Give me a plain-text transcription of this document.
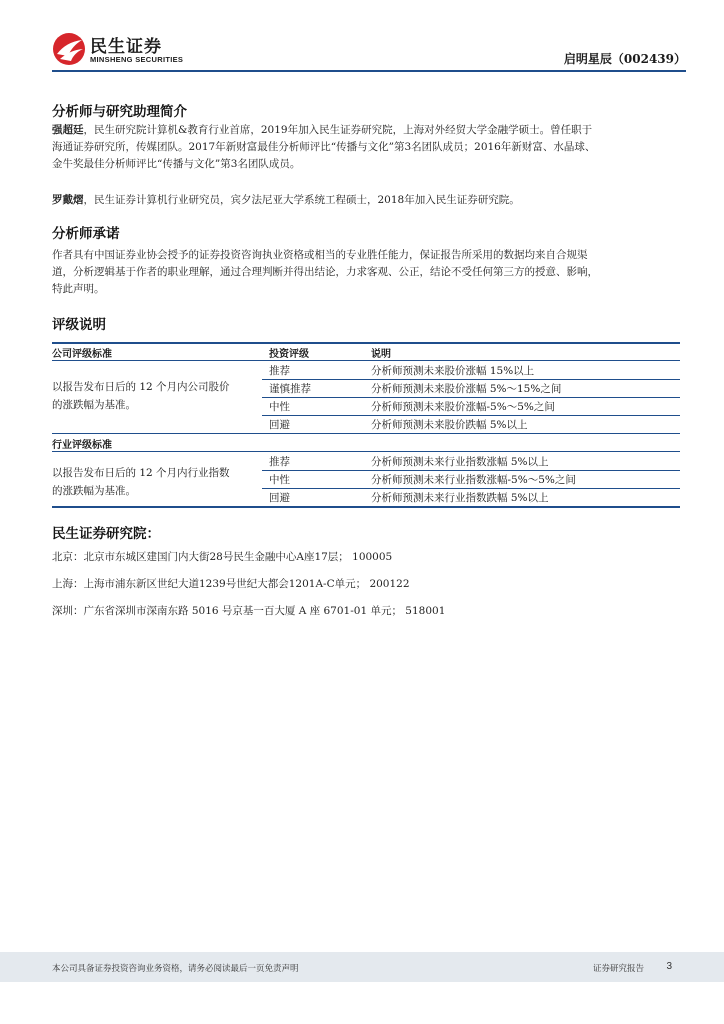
民生证券
MINSHENG SECURITIES	启明星辰（002439）
分析师与研究助理简介
强超廷，民生研究院计算机&教育行业首席，2019年加入民生证券研究院，上海对外经贸大学金融学硕士。曾任职于
海通证券研究所，传媒团队。2017年新财富最佳分析师评比“传播与文化”第3名团队成员；2016年新财富、水晶球、
金牛奖最佳分析师评比“传播与文化”第3名团队成员。
罗戴熠，民生证券计算机行业研究员，宾夕法尼亚大学系统工程硕士，2018年加入民生证券研究院。
分析师承诺
作者具有中国证券业协会授予的证券投资咨询执业资格或相当的专业胜任能力，保证报告所采用的数据均来自合规渠
道，分析逻辑基于作者的职业理解，通过合理判断并得出结论，力求客观、公正，结论不受任何第三方的授意、影响，
特此声明。
评级说明
公司评级标准	投资评级	说明
以报告发布日后的 12 个月内公司股价
的涨跌幅为基准。
推荐	分析师预测未来股价涨幅 15%以上
谨慎推荐	分析师预测未来股价涨幅 5%～15%之间
中性	分析师预测未来股价涨幅-5%～5%之间
回避	分析师预测未来股价跌幅 5%以上
行业评级标准
以报告发布日后的 12 个月内行业指数
的涨跌幅为基准。
推荐	分析师预测未来行业指数涨幅 5%以上
中性	分析师预测未来行业指数涨幅-5%～5%之间
回避	分析师预测未来行业指数跌幅 5%以上
民生证券研究院：
北京：北京市东城区建国门内大街28号民生金融中心A座17层； 100005
上海：上海市浦东新区世纪大道1239号世纪大都会1201A-C单元； 200122
深圳：广东省深圳市深南东路 5016 号京基一百大厦 A 座 6701-01 单元； 518001
本公司具备证券投资咨询业务资格，请务必阅读最后一页免责声明	证券研究报告 3
